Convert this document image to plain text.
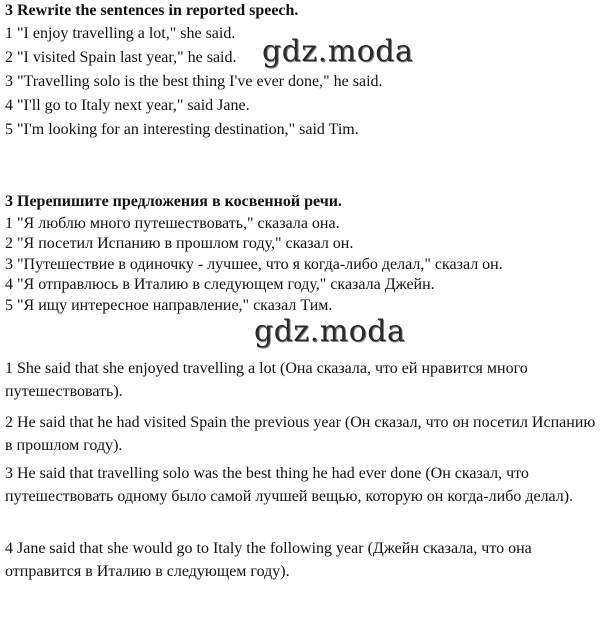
3 Rewrite the sentences in reported speech.
1 "I enjoy travelling a lot," she said.
2 "I visited Spain last year," he said.
3 "Travelling solo is the best thing I've ever done," he said.
4 "I'll go to Italy next year," said Jane.
5 "I'm looking for an interesting destination," said Tim.
gdz.moda
3 Перепишите предложения в косвенной речи.
1 "Я люблю много путешествовать," сказала она.
2 "Я посетил Испанию в прошлом году," сказал он.
3 "Путешествие в одиночку - лучшее, что я когда-либо делал," сказал он.
4 "Я отправлюсь в Италию в следующем году," сказала Джейн.
5 "Я ищу интересное направление," сказал Тим.
gdz.moda
1 She said that she enjoyed travelling a lot (Она сказала, что ей нравится много путешествовать).
2 He said that he had visited Spain the previous year (Он сказал, что он посетил Испанию в прошлом году).
3 He said that travelling solo was the best thing he had ever done (Он сказал, что путешествовать одному было самой лучшей вещью, которую он когда-либо делал).
4 Jane said that she would go to Italy the following year (Джейн сказала, что она отправится в Италию в следующем году).
